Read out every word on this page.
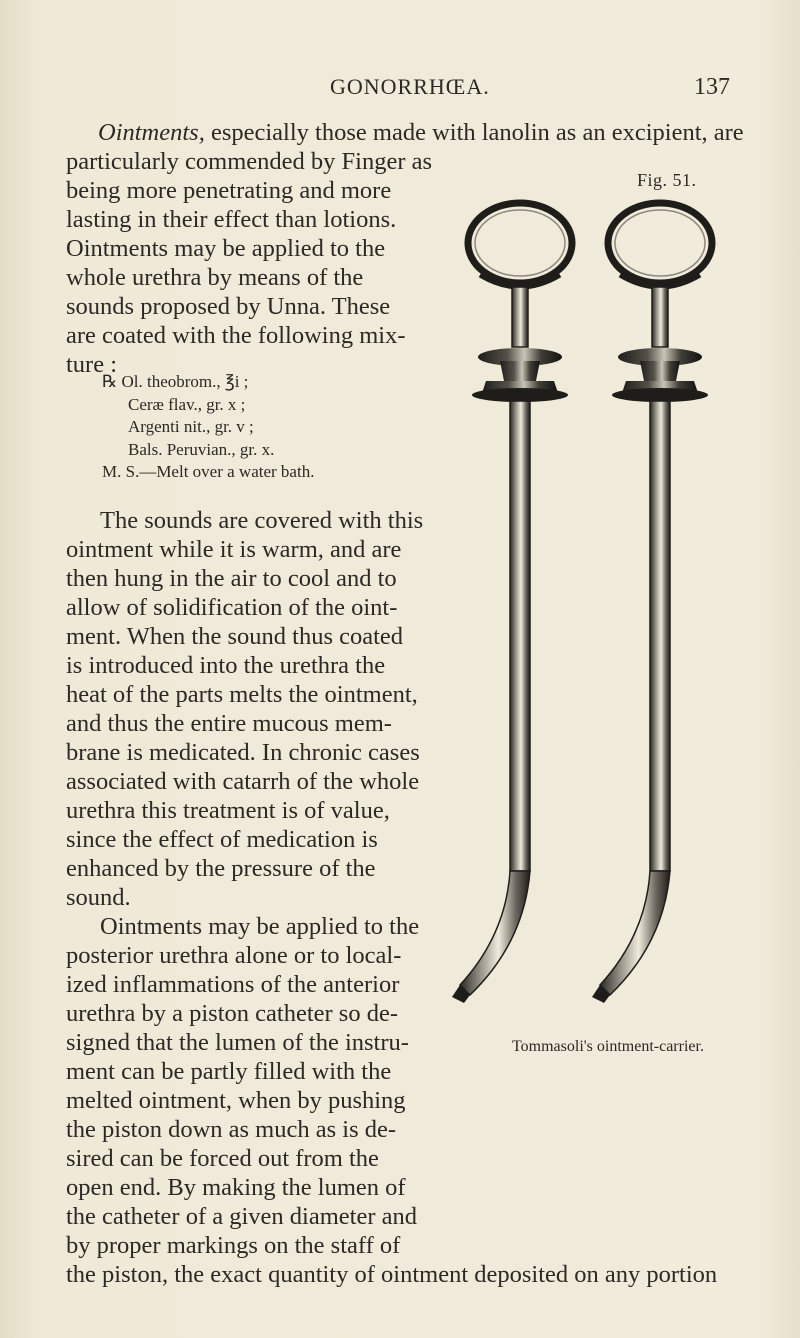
GONORRHŒA.	137
Ointments, especially those made with lanolin as an excipient, are
particularly commended by Finger as
being more penetrating and more
lasting in their effect than lotions.
Ointments may be applied to the
whole urethra by means of the
sounds proposed by Unna. These
are coated with the following mix-
ture :
℞ Ol. theobrom., ℥i ;
Ceræ flav., gr. x ;
Argenti nit., gr. v ;
Bals. Peruvian., gr. x.
M. S.—Melt over a water bath.
The sounds are covered with this
ointment while it is warm, and are
then hung in the air to cool and to
allow of solidification of the oint-
ment. When the sound thus coated
is introduced into the urethra the
heat of the parts melts the ointment,
and thus the entire mucous mem-
brane is medicated. In chronic cases
associated with catarrh of the whole
urethra this treatment is of value,
since the effect of medication is
enhanced by the pressure of the
sound.
Ointments may be applied to the
posterior urethra alone or to local-
ized inflammations of the anterior
urethra by a piston catheter so de-
signed that the lumen of the instru-
ment can be partly filled with the
melted ointment, when by pushing
the piston down as much as is de-
sired can be forced out from the
open end. By making the lumen of
the catheter of a given diameter and
by proper markings on the staff of
the piston, the exact quantity of ointment deposited on any portion
Fig. 51.
Tommasoli's ointment-carrier.
